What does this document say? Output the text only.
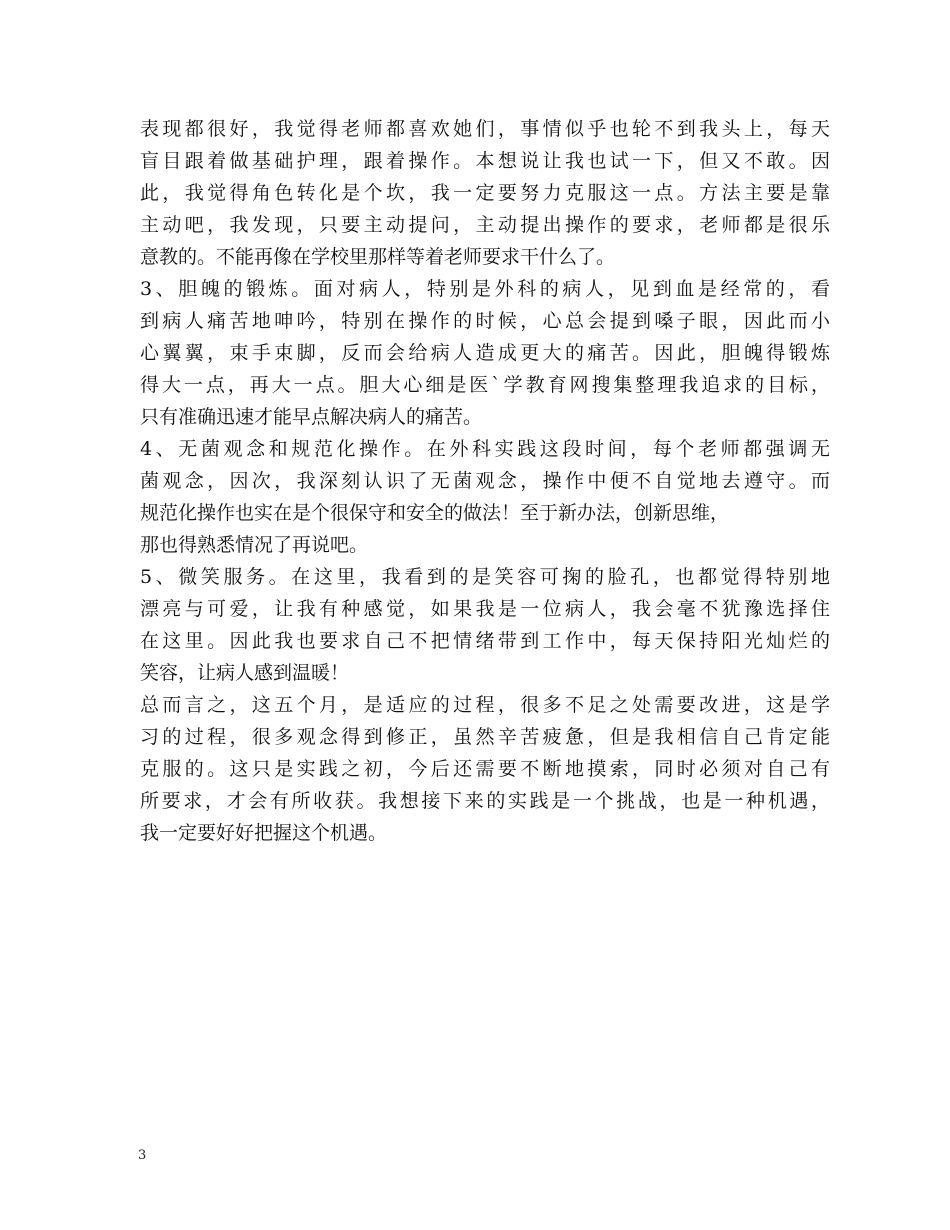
表现都很好，我觉得老师都喜欢她们，事情似乎也轮不到我头上，每天
盲目跟着做基础护理，跟着操作。本想说让我也试一下，但又不敢。因
此，我觉得角色转化是个坎，我一定要努力克服这一点。方法主要是靠
主动吧，我发现，只要主动提问，主动提出操作的要求，老师都是很乐
意教的。不能再像在学校里那样等着老师要求干什么了。
3、胆魄的锻炼。面对病人，特别是外科的病人，见到血是经常的，看
到病人痛苦地呻吟，特别在操作的时候，心总会提到嗓子眼，因此而小
心翼翼，束手束脚，反而会给病人造成更大的痛苦。因此，胆魄得锻炼
得大一点，再大一点。胆大心细是医`学教育网搜集整理我追求的目标，
只有准确迅速才能早点解决病人的痛苦。
4、无菌观念和规范化操作。在外科实践这段时间，每个老师都强调无
菌观念，因次，我深刻认识了无菌观念，操作中便不自觉地去遵守。而
规范化操作也实在是个很保守和安全的做法！至于新办法，创新思维，
那也得熟悉情况了再说吧。
5、微笑服务。在这里，我看到的是笑容可掬的脸孔，也都觉得特别地
漂亮与可爱，让我有种感觉，如果我是一位病人，我会毫不犹豫选择住
在这里。因此我也要求自己不把情绪带到工作中，每天保持阳光灿烂的
笑容，让病人感到温暖！
总而言之，这五个月，是适应的过程，很多不足之处需要改进，这是学
习的过程，很多观念得到修正，虽然辛苦疲惫，但是我相信自己肯定能
克服的。这只是实践之初，今后还需要不断地摸索，同时必须对自己有
所要求，才会有所收获。我想接下来的实践是一个挑战，也是一种机遇，
我一定要好好把握这个机遇。
3
